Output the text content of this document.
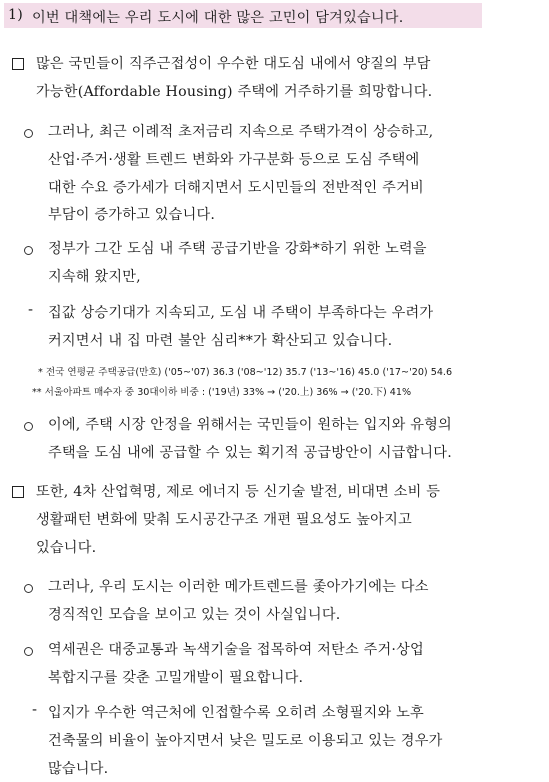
1) 이번 대책에는 우리 도시에 대한 많은 고민이 담겨있습니다.
많은 국민들이 직주근접성이 우수한 대도심 내에서 양질의 부담
가능한(Affordable Housing) 주택에 거주하기를 희망합니다.
그러나, 최근 이례적 초저금리 지속으로 주택가격이 상승하고,
산업·주거·생활 트렌드 변화와 가구분화 등으로 도심 주택에
대한 수요 증가세가 더해지면서 도시민들의 전반적인 주거비
부담이 증가하고 있습니다.
정부가 그간 도심 내 주택 공급기반을 강화*하기 위한 노력을
지속해 왔지만,
- 집값 상승기대가 지속되고, 도심 내 주택이 부족하다는 우려가
커지면서 내 집 마련 불안 심리**가 확산되고 있습니다.
* 전국 연평균 주택공급(만호) ('05~'07) 36.3 ('08~'12) 35.7 ('13~'16) 45.0 ('17~'20) 54.6
** 서울아파트 매수자 중 30대이하 비중 : ('19년) 33% → ('20.上) 36% → ('20.下) 41%
이에, 주택 시장 안정을 위해서는 국민들이 원하는 입지와 유형의
주택을 도심 내에 공급할 수 있는 획기적 공급방안이 시급합니다.
또한, 4차 산업혁명, 제로 에너지 등 신기술 발전, 비대면 소비 등
생활패턴 변화에 맞춰 도시공간구조 개편 필요성도 높아지고
있습니다.
그러나, 우리 도시는 이러한 메가트렌드를 좇아가기에는 다소
경직적인 모습을 보이고 있는 것이 사실입니다.
역세권은 대중교통과 녹색기술을 접목하여 저탄소 주거·상업
복합지구를 갖춘 고밀개발이 필요합니다.
- 입지가 우수한 역근처에 인접할수록 오히려 소형필지와 노후
건축물의 비율이 높아지면서 낮은 밀도로 이용되고 있는 경우가
많습니다.
